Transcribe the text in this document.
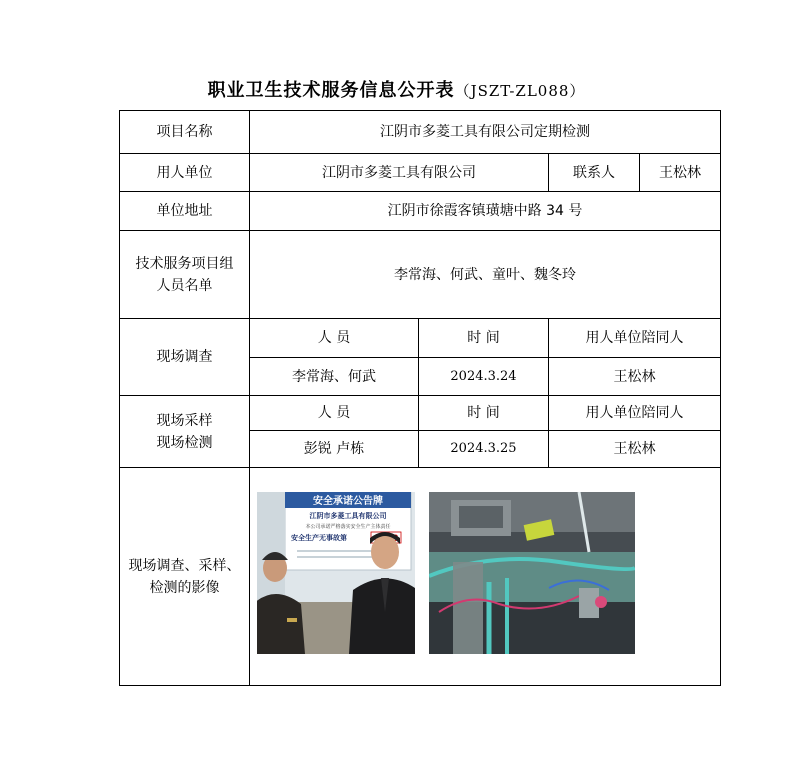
职业卫生技术服务信息公开表（JSZT-ZL088）
项目名称	江阴市多菱工具有限公司定期检测			
用人单位	江阴市多菱工具有限公司		联系人	王松林
单位地址	江阴市徐霞客镇璜塘中路 34 号			
技术服务项目组人员名单	李常海、何武、童叶、魏冬玲			
现场调查	人 员	时 间	用人单位陪同人	
	李常海、何武	2024.3.24	王松林	
现场采样现场检测	人 员	时 间	用人单位陪同人	
	彭锐 卢栋	2024.3.25	王松林	
现场调查、采样、检测的影像	安全承诺公告牌
江阴市多菱工具有限公司
本公司承诺严格落实安全生产主体责任
安全生产无事故第			
